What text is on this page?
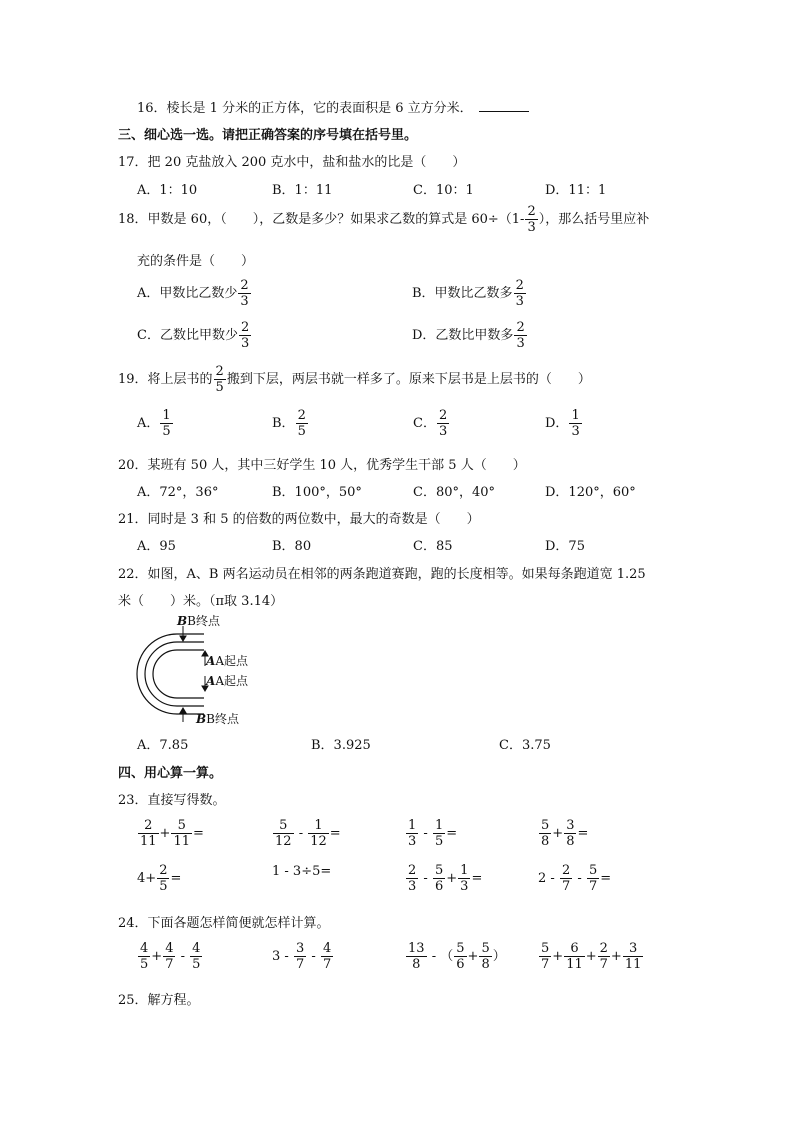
16．棱长是 1 分米的正方体，它的表面积是 6 立方分米．
三、细心选一选。请把正确答案的序号填在括号里。
17．把 20 克盐放入 200 克水中，盐和盐水的比是（　　）
A．1：10	B．1：11	C．10：1	D．11：1
18．甲数是 60，（　　），乙数是多少？如果求乙数的算式是 $60\div(1- \frac{2}{3}$ ），那么括号里应补
充的条件是（　　）
A．甲数比乙数少 $\frac{2}{3}$	B．甲数比乙数多 $\frac{2}{3}$
C．乙数比甲数少 $\frac{2}{3}$	D．乙数比甲数多 $\frac{2}{3}$
19．将上层书的 $\frac{2}{5}$ 搬到下层，两层书就一样多了。原来下层书是上层书的（　　）
A． $\frac{1}{5}$	B． $\frac{2}{5}$	C． $\frac{2}{3}$	D． $\frac{1}{3}$
20．某班有 50 人，其中三好学生 10 人，优秀学生干部 5 人（　　）
A．72°，36°	B．100°，50°	C．80°，40°	D．120°，60°
21．同时是 3 和 5 的倍数的两位数中，最大的奇数是（　　）
A．95	B．80	C．85	D．75
22．如图，A、B 两名运动员在相邻的两条跑道赛跑，跑的长度相等。如果每条跑道宽 1.25
米（　　）米。（π取 3.14）
BB终点
AA起点
AA起点
BB终点
A．7.85	B．3.925	C．3.75
四、用心算一算。
23．直接写得数。
$\frac{2}{11} + \frac{5}{11}$ =	$\frac{5}{12} - \frac{1}{12}$ =	$\frac{1}{3} - \frac{1}{5}$ =	$\frac{5}{8} + \frac{3}{8}$ =
$4+ \frac{2}{5}$ =	1 - 3÷5=	$\frac{2}{3} - \frac{5}{6} + \frac{1}{3}$ =	$2 - \frac{2}{7} - \frac{5}{7}$ =
24．下面各题怎样简便就怎样计算。
$\frac{4}{5} + \frac{4}{7} - \frac{4}{5}$	$3 - \frac{3}{7} - \frac{4}{7}$	$\frac{13}{8}$ - （ $\frac{5}{6} + \frac{5}{8}$ ）	$\frac{5}{7} + \frac{6}{11} + \frac{2}{7} + \frac{3}{11}$
25．解方程。
